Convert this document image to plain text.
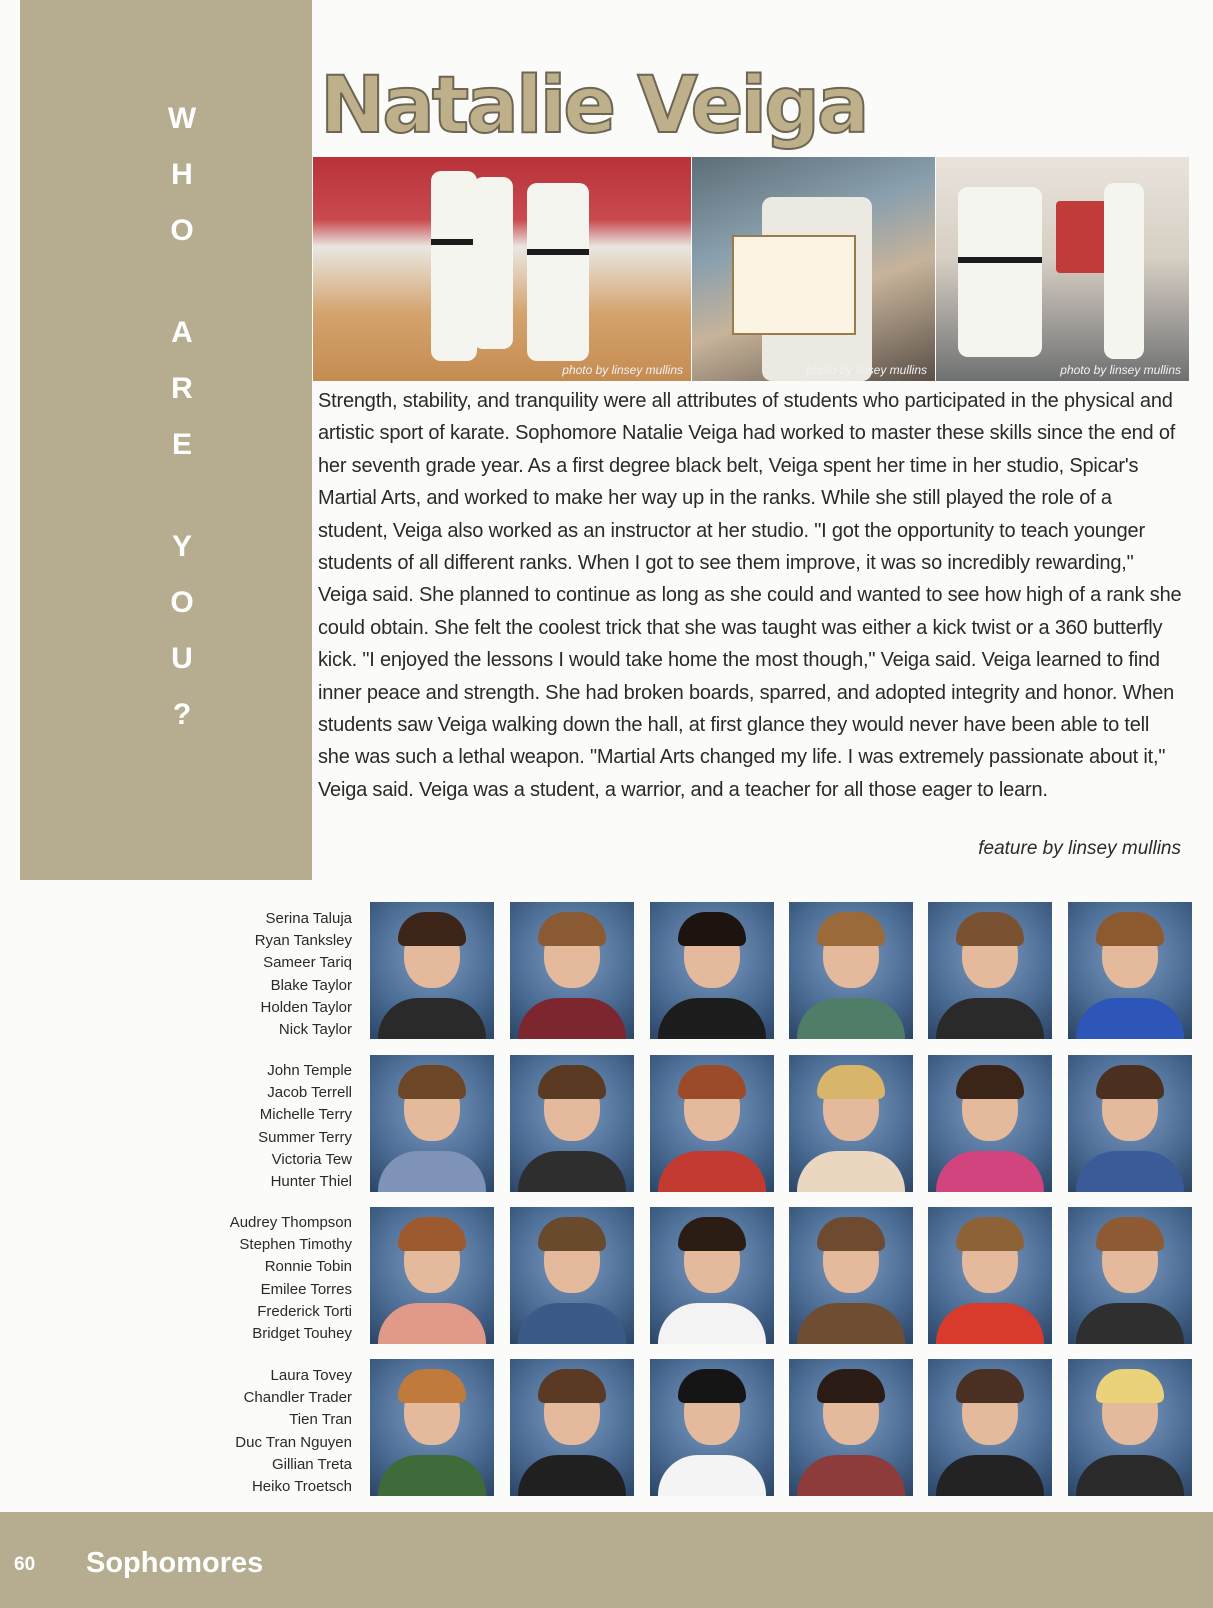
W
H
O
A
R
E
Y
O
U
?
Natalie Veiga
photo by linsey mullins	photo by linsey mullins	photo by linsey mullins

Strength, stability, and tranquility were all attributes of students who participated in the physical and artistic sport of karate. Sophomore Natalie Veiga had worked to master these skills since the end of her seventh grade year. As a first degree black belt, Veiga spent her time in her studio, Spicar's Martial Arts, and worked to make her way up in the ranks. While she still played the role of a student, Veiga also worked as an instructor at her studio. "I got the opportunity to teach younger students of all different ranks. When I got to see them improve, it was so incredibly rewarding," Veiga said. She planned to continue as long as she could and wanted to see how high of a rank she could obtain. She felt the coolest trick that she was taught was either a kick twist or a 360 butterfly kick. "I enjoyed the lessons I would take home the most though," Veiga said. Veiga learned to find inner peace and strength. She had broken boards, sparred, and adopted integrity and honor. When students saw Veiga walking down the hall, at first glance they would never have been able to tell she was such a lethal weapon. "Martial Arts changed my life. I was extremely passionate about it," Veiga said. Veiga was a student, a warrior, and a teacher for all those eager to learn.

feature by linsey mullins
Serina Taluja
Ryan Tanksley
Sameer Tariq
Blake Taylor
Holden Taylor
Nick Taylor
John Temple
Jacob Terrell
Michelle Terry
Summer Terry
Victoria Tew
Hunter Thiel
Audrey Thompson
Stephen Timothy
Ronnie Tobin
Emilee Torres
Frederick Torti
Bridget Touhey
Laura Tovey
Chandler Trader
Tien Tran
Duc Tran Nguyen
Gillian Treta
Heiko Troetsch
60 Sophomores
